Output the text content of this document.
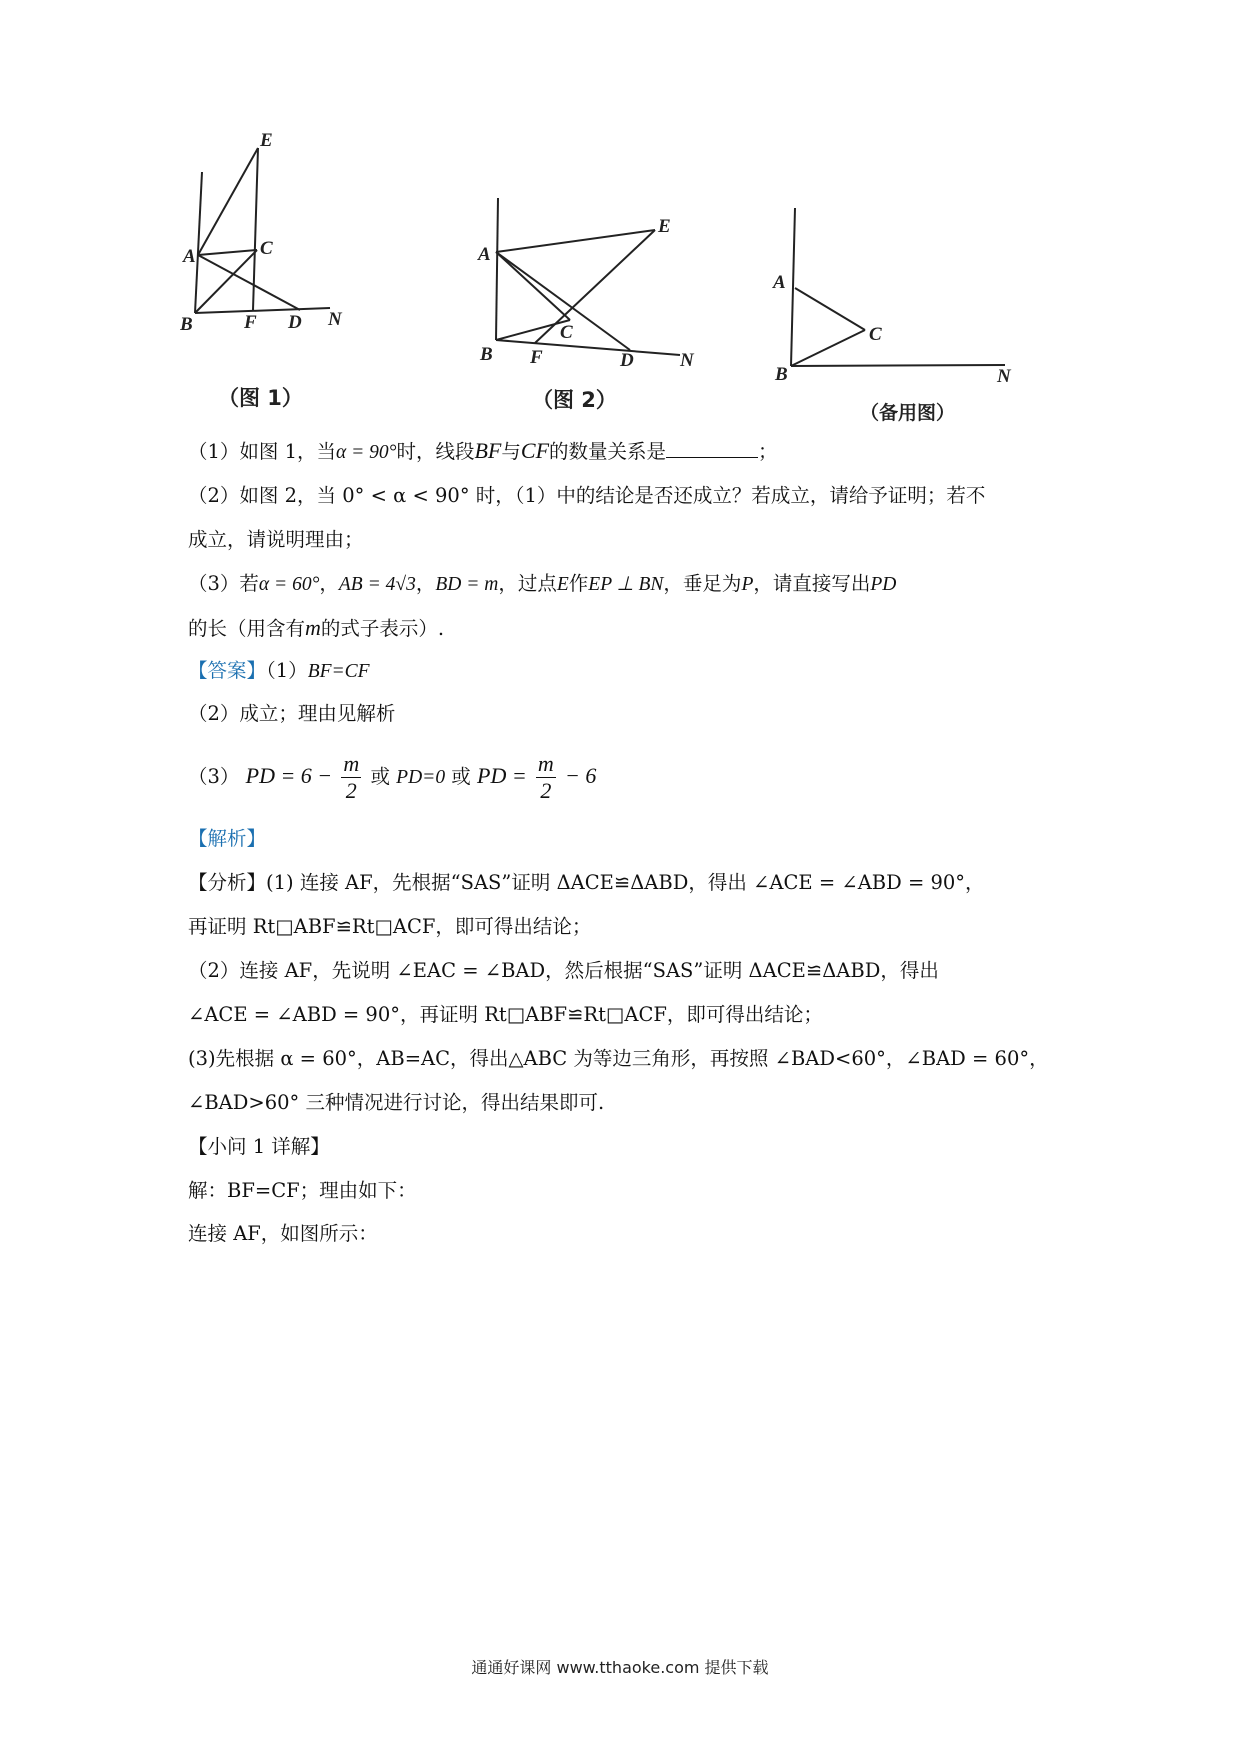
E
A	C
B	F D N
（图 1）
E
A
C
B F	D N
（图 2）
A
C
B	N
（备用图）
（1）如图 1，当α = 90°时，线段BF与CF的数量关系是	；
（2）如图 2，当 0° < α < 90° 时，（1）中的结论是否还成立？若成立，请给予证明；若不
成立，请说明理由；
（3）若α = 60°，AB = 4√3，BD = m，过点E作EP ⊥ BN，垂足为P，请直接写出PD
的长（用含有m的式子表示）.
【答案】（1）BF=CF
（2）成立；理由见解析
（3） PD = $6 - \frac{m}{2}$ 或 PD=0 或 PD = $\frac{m}{2} - 6$
【解析】
【分析】(1) 连接 AF，先根据“SAS”证明 ΔACE≌ΔABD，得出 ∠ACE = ∠ABD = 90°，
再证明 Rt□ABF≌Rt□ACF，即可得出结论；
（2）连接 AF，先说明 ∠EAC = ∠BAD，然后根据“SAS”证明 ΔACE≌ΔABD，得出
∠ACE = ∠ABD = 90°，再证明 Rt□ABF≌Rt□ACF，即可得出结论；
(3)先根据 α = 60°，AB=AC，得出△ABC 为等边三角形，再按照 ∠BAD<60°，∠BAD = 60°，
∠BAD>60° 三种情况进行讨论，得出结果即可.
【小问 1 详解】
解：BF=CF；理由如下：
连接 AF，如图所示：
通通好课网 www.tthaoke.com 提供下载
